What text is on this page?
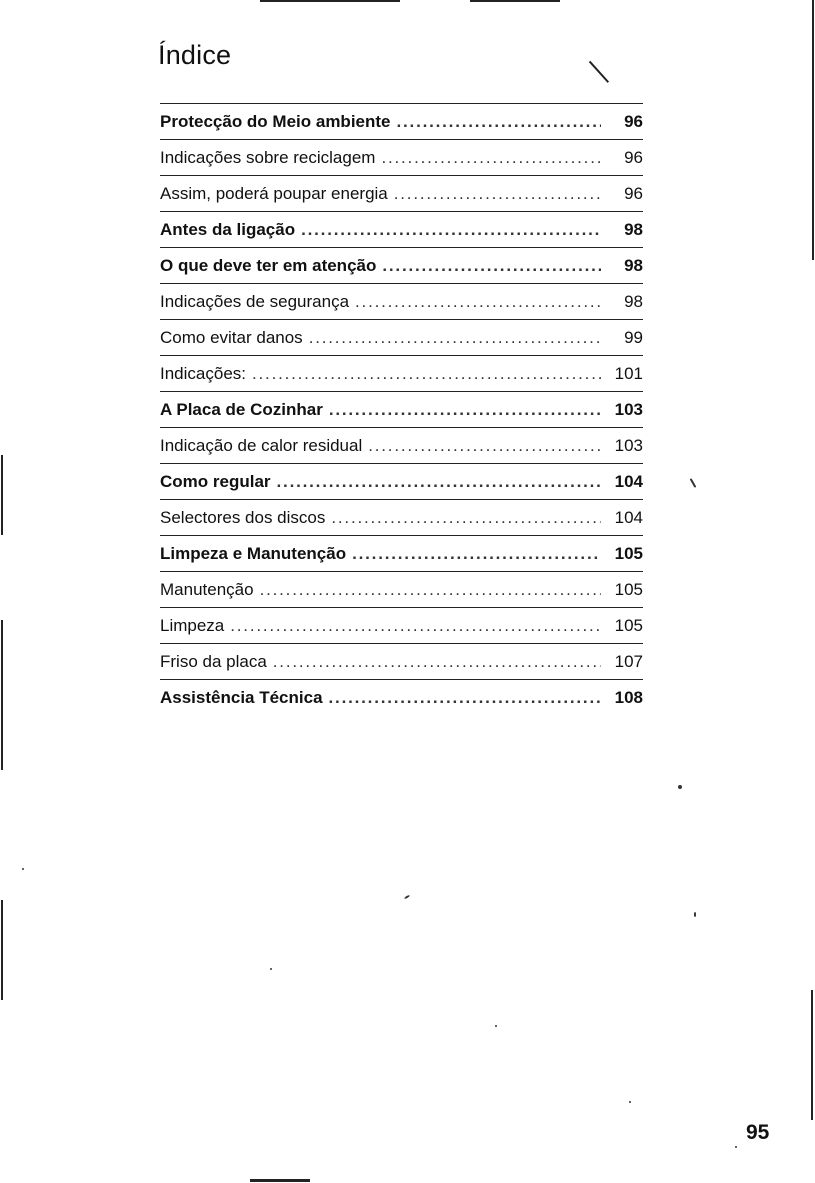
Índice
Protecção do Meio ambiente .....	96
Indicações sobre reciclagem .....	96
Assim, poderá poupar energia .....	96
Antes da ligação .....	98
O que deve ter em atenção .....	98
Indicações de segurança .....	98
Como evitar danos .....	99
Indicações: .....	101
A Placa de Cozinhar .....	103
Indicação de calor residual .....	103
Como regular .....	104
Selectores dos discos .....	104
Limpeza e Manutenção .....	105
Manutenção .....	105
Limpeza .....	105
Friso da placa .....	107
Assistência Técnica .....	108
95
